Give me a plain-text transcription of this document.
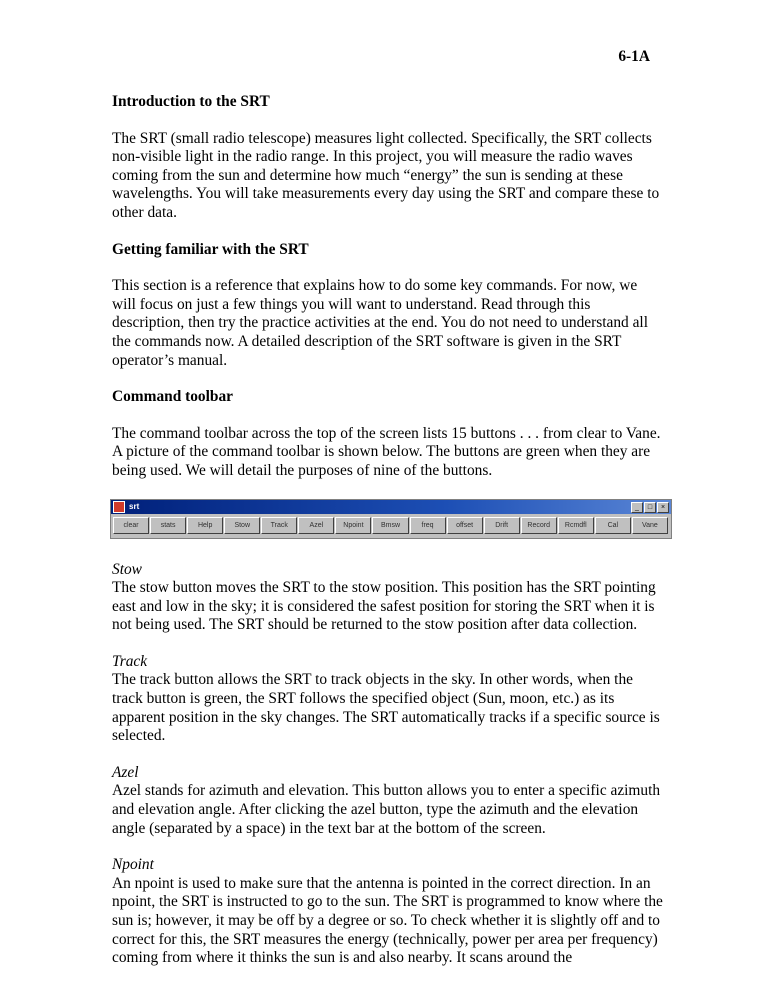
6-1A
Introduction to the SRT

The SRT (small radio telescope) measures light collected. Specifically, the SRT collects non-visible light in the radio range. In this project, you will measure the radio waves coming from the sun and determine how much “energy” the sun is sending at these wavelengths. You will take measurements every day using the SRT and compare these to other data.

Getting familiar with the SRT

This section is a reference that explains how to do some key commands. For now, we will focus on just a few things you will want to understand. Read through this description, then try the practice activities at the end. You do not need to understand all the commands now. A detailed description of the SRT software is given in the SRT operator’s manual.

Command toolbar

The command toolbar across the top of the screen lists 15 buttons . . . from clear to Vane. A picture of the command toolbar is shown below. The buttons are green when they are being used. We will detail the purposes of nine of the buttons.

srt	_	□	×
clear	stats	Help	Stow	Track	Azel	Npoint	Bmsw	freq	offset	Drift	Record	Rcmdfl	Cal	Vane

Stow

The stow button moves the SRT to the stow position. This position has the SRT pointing east and low in the sky; it is considered the safest position for storing the SRT when it is not being used. The SRT should be returned to the stow position after data collection.

Track

The track button allows the SRT to track objects in the sky. In other words, when the track button is green, the SRT follows the specified object (Sun, moon, etc.) as its apparent position in the sky changes. The SRT automatically tracks if a specific source is selected.

Azel

Azel stands for azimuth and elevation. This button allows you to enter a specific azimuth and elevation angle. After clicking the azel button, type the azimuth and the elevation angle (separated by a space) in the text bar at the bottom of the screen.

Npoint

An npoint is used to make sure that the antenna is pointed in the correct direction. In an npoint, the SRT is instructed to go to the sun. The SRT is programmed to know where the sun is; however, it may be off by a degree or so. To check whether it is slightly off and to correct for this, the SRT measures the energy (technically, power per area per frequency) coming from where it thinks the sun is and also nearby. It scans around the
